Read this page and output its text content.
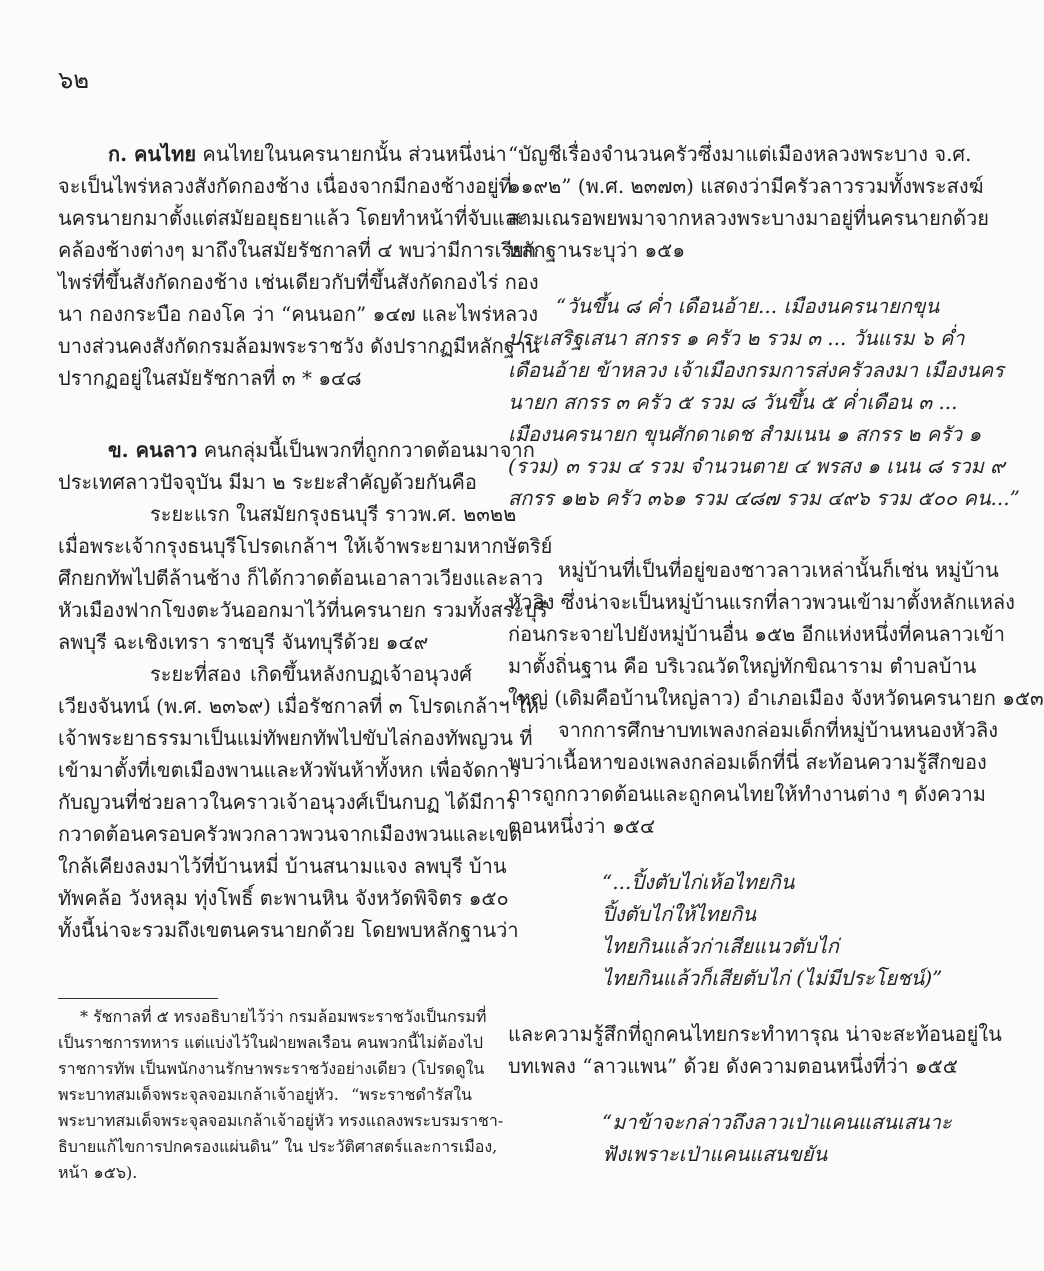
๖๒
ก. คนไทย คนไทยในนครนายกนั้น ส่วนหนึ่งน่า
จะเป็นไพร่หลวงสังกัดกองช้าง เนื่องจากมีกองช้างอยู่ที่
นครนายกมาตั้งแต่สมัยอยุธยาแล้ว โดยทำหน้าที่จับและ
คล้องช้างต่างๆ มาถึงในสมัยรัชกาลที่ ๔ พบว่ามีการเรียก
ไพร่ที่ขึ้นสังกัดกองช้าง เช่นเดียวกับที่ขึ้นสังกัดกองไร่ กอง
นา กองกระบือ กองโค ว่า “คนนอก” ๑๔๗ และไพร่หลวง
บางส่วนคงสังกัดกรมล้อมพระราชวัง ดังปรากฏมีหลักฐาน
ปรากฏอยู่ในสมัยรัชกาลที่ ๓ * ๑๔๘
ข. คนลาว คนกลุ่มนี้เป็นพวกที่ถูกกวาดต้อนมาจาก
ประเทศลาวปัจจุบัน มีมา ๒ ระยะสำคัญด้วยกันคือ
ระยะแรก ในสมัยกรุงธนบุรี ราวพ.ศ. ๒๓๒๒
เมื่อพระเจ้ากรุงธนบุรีโปรดเกล้าฯ ให้เจ้าพระยามหากษัตริย์
ศึกยกทัพไปตีล้านช้าง ก็ได้กวาดต้อนเอาลาวเวียงและลาว
หัวเมืองฟากโขงตะวันออกมาไว้ที่นครนายก รวมทั้งสระบุรี
ลพบุรี ฉะเชิงเทรา ราชบุรี จันทบุรีด้วย ๑๔๙
ระยะที่สอง เกิดขึ้นหลังกบฏเจ้าอนุวงศ์
เวียงจันทน์ (พ.ศ. ๒๓๖๙) เมื่อรัชกาลที่ ๓ โปรดเกล้าฯ ให้
เจ้าพระยาธรรมาเป็นแม่ทัพยกทัพไปขับไล่กองทัพญวน ที่
เข้ามาตั้งที่เขตเมืองพานและหัวพันห้าทั้งหก เพื่อจัดการ
กับญวนที่ช่วยลาวในคราวเจ้าอนุวงศ์เป็นกบฏ ได้มีการ
กวาดต้อนครอบครัวพวกลาวพวนจากเมืองพวนและเขต
ใกล้เคียงลงมาไว้ที่บ้านหมี่ บ้านสนามแจง ลพบุรี บ้าน
ทัพคล้อ วังหลุม ทุ่งโพธิ์ ตะพานหิน จังหวัดพิจิตร ๑๕๐
ทั้งนี้น่าจะรวมถึงเขตนครนายกด้วย โดยพบหลักฐานว่า
* รัชกาลที่ ๕ ทรงอธิบายไว้ว่า กรมล้อมพระราชวังเป็นกรมที่
เป็นราชการทหาร แต่แบ่งไว้ในฝ่ายพลเรือน คนพวกนี้ไม่ต้องไป
ราชการทัพ เป็นพนักงานรักษาพระราชวังอย่างเดียว (โปรดดูใน
พระบาทสมเด็จพระจุลจอมเกล้าเจ้าอยู่หัว. “พระราชดำรัสใน
พระบาทสมเด็จพระจุลจอมเกล้าเจ้าอยู่หัว ทรงแถลงพระบรมราชา-
ธิบายแก้ไขการปกครองแผ่นดิน” ใน ประวัติศาสตร์และการเมือง,
หน้า ๑๕๖).
“บัญชีเรื่องจำนวนครัวซึ่งมาแต่เมืองหลวงพระบาง จ.ศ.
๑๑๙๒” (พ.ศ. ๒๓๗๓) แสดงว่ามีครัวลาวรวมทั้งพระสงฆ์
สามเณรอพยพมาจากหลวงพระบางมาอยู่ที่นครนายกด้วย
หลักฐานระบุว่า ๑๕๑
“วันขึ้น ๘ ค่ำ เดือนอ้าย... เมืองนครนายกขุน
ประเสริฐเสนา สกรร ๑ ครัว ๒ รวม ๓ ... วันแรม ๖ ค่ำ
เดือนอ้าย ข้าหลวง เจ้าเมืองกรมการส่งครัวลงมา เมืองนคร
นายก สกรร ๓ ครัว ๕ รวม ๘ วันขึ้น ๕ ค่ำเดือน ๓ ...
เมืองนครนายก ขุนศักดาเดช สำมเนน ๑ สกรร ๒ ครัว ๑
(รวม) ๓ รวม ๔ รวม จำนวนตาย ๔ พรสง ๑ เนน ๘ รวม ๙
สกรร ๑๒๖ ครัว ๓๖๑ รวม ๔๘๗ รวม ๔๙๖ รวม ๕๐๐ คน...”
หมู่บ้านที่เป็นที่อยู่ของชาวลาวเหล่านั้นก็เช่น หมู่บ้าน
หัวลิง ซึ่งน่าจะเป็นหมู่บ้านแรกที่ลาวพวนเข้ามาตั้งหลักแหล่ง
ก่อนกระจายไปยังหมู่บ้านอื่น ๑๕๒ อีกแห่งหนึ่งที่คนลาวเข้า
มาตั้งถิ่นฐาน คือ บริเวณวัดใหญ่ทักขิณาราม ตำบลบ้าน
ใหญ่ (เดิมคือบ้านใหญ่ลาว) อำเภอเมือง จังหวัดนครนายก ๑๕๓
จากการศึกษาบทเพลงกล่อมเด็กที่หมู่บ้านหนองหัวลิง
พบว่าเนื้อหาของเพลงกล่อมเด็กที่นี่ สะท้อนความรู้สึกของ
การถูกกวาดต้อนและถูกคนไทยให้ทำงานต่าง ๆ ดังความ
ตอนหนึ่งว่า ๑๕๔
“...ปิ้งตับไก่เห้อไทยกิน
ปิ้งตับไก่ให้ไทยกิน
ไทยกินแล้วก่าเสียแนวตับไก่
ไทยกินแล้วก็เสียตับไก่ (ไม่มีประโยชน์)”
และความรู้สึกที่ถูกคนไทยกระทำทารุณ น่าจะสะท้อนอยู่ใน
บทเพลง “ลาวแพน” ด้วย ดังความตอนหนึ่งที่ว่า ๑๕๕
“มาข้าจะกล่าวถึงลาวเป่าแคนแสนเสนาะ
ฟังเพราะเป่าแคนแสนขยัน
